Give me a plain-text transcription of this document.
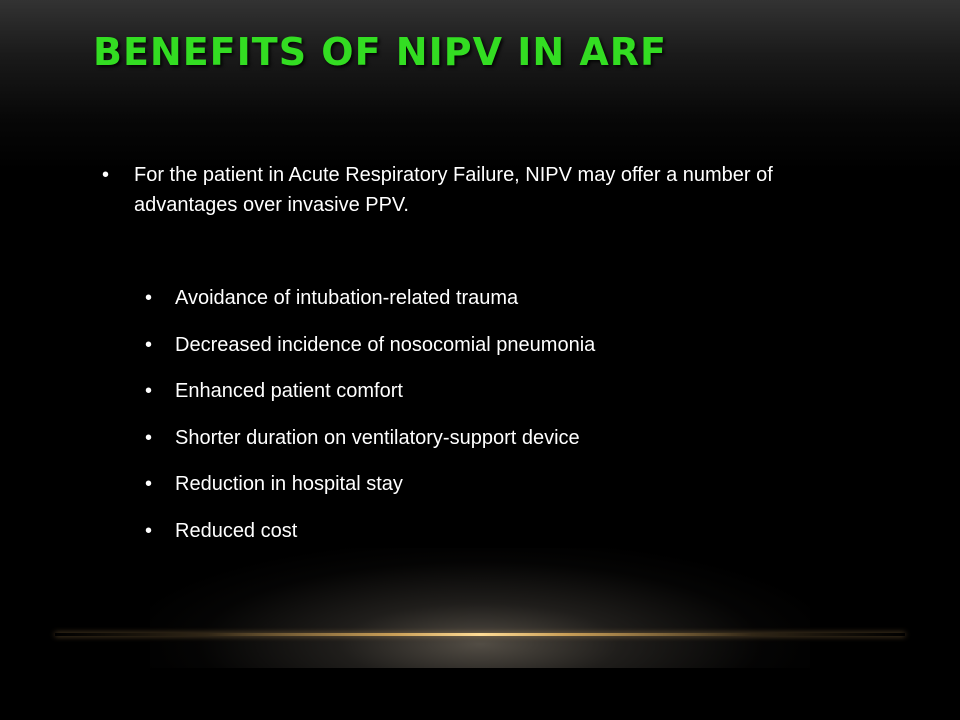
BENEFITS OF NIPV IN ARF
• For the patient in Acute Respiratory Failure, NIPV may offer a number of advantages over invasive PPV.
• Avoidance of intubation-related trauma
• Decreased incidence of nosocomial pneumonia
• Enhanced patient comfort
• Shorter duration on ventilatory-support device
• Reduction in hospital stay
• Reduced cost
